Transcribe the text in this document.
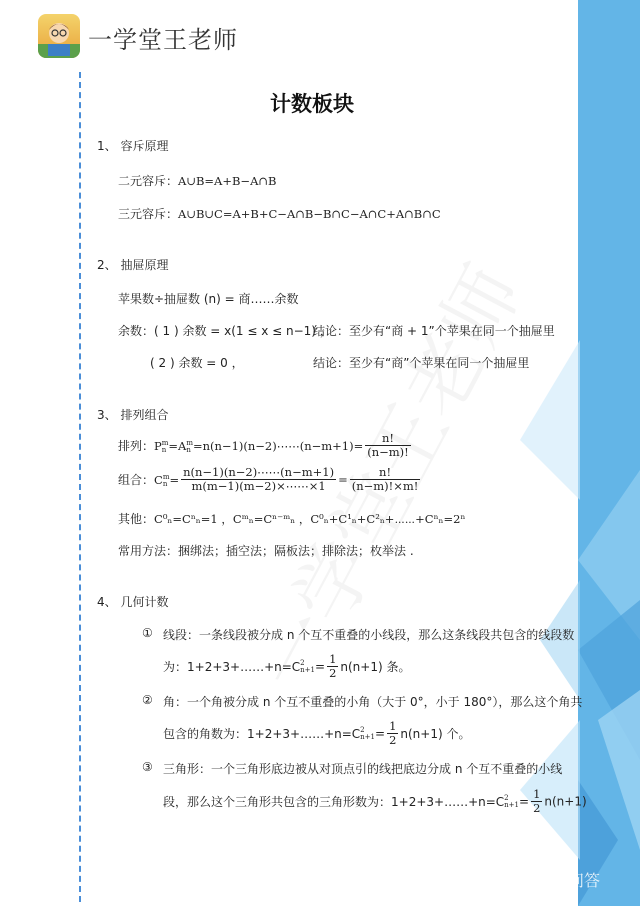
一学堂王老师
计数板块
1、 容斥原理
二元容斥：A∪B=A+B−A∩B
三元容斥：A∪B∪C=A+B+C−A∩B−B∩C−A∩C+A∩B∩C
2、 抽屉原理
苹果数÷抽屉数 (n) = 商……余数
余数：( 1 ) 余数 = x(1 ≤ x ≤ n−1) ，
结论：至少有“商 + 1”个苹果在同一个抽屉里
( 2 ) 余数 = 0 ，	结论：至少有“商”个苹果在同一个抽屉里
3、 排列组合
排列：P m
n =A m
n =n(n−1)(n−2)⋯⋯(n−m+1)= $\frac{n!}{(n-m)!}$
组合：C m
$n = \frac{n(n-1)(n-2)\cdots\cdots(n-m+1)}{m(m-1)(m-2)\times\cdots\cdots\times 1} = \frac{n!}{(n-m)!\times m!}$
其他：C⁰ₙ=Cⁿₙ=1 ，Cᵐₙ=Cⁿ⁻ᵐₙ ，C⁰ₙ+C¹ₙ+C²ₙ+⋯⋯+Cⁿₙ=2ⁿ
常用方法：捆绑法；插空法；隔板法；排除法；枚举法 .
4、 几何计数
① 线段：一条线段被分成 n 个互不重叠的小线段，那么这条线段共包含的线段数
为：1+2+3+……+n=C 2
$n+1 = \frac{1}{2} n(n+1)$ 条。
② 角：一个角被分成 n 个互不重叠的小角（大于 0°，小于 180°），那么这个角共
包含的角数为：1+2+3+……+n=C 2
$n+1 = \frac{1}{2} n(n+1)$ 个。
③ 三角形：一个三角形底边被从对顶点引的线把底边分成 n 个互不重叠的小线
段，那么这个三角形共包含的三角形数为：1+2+3+……+n=C 2
$n+1 = \frac{1}{2} n(n+1)$
悟空问答
